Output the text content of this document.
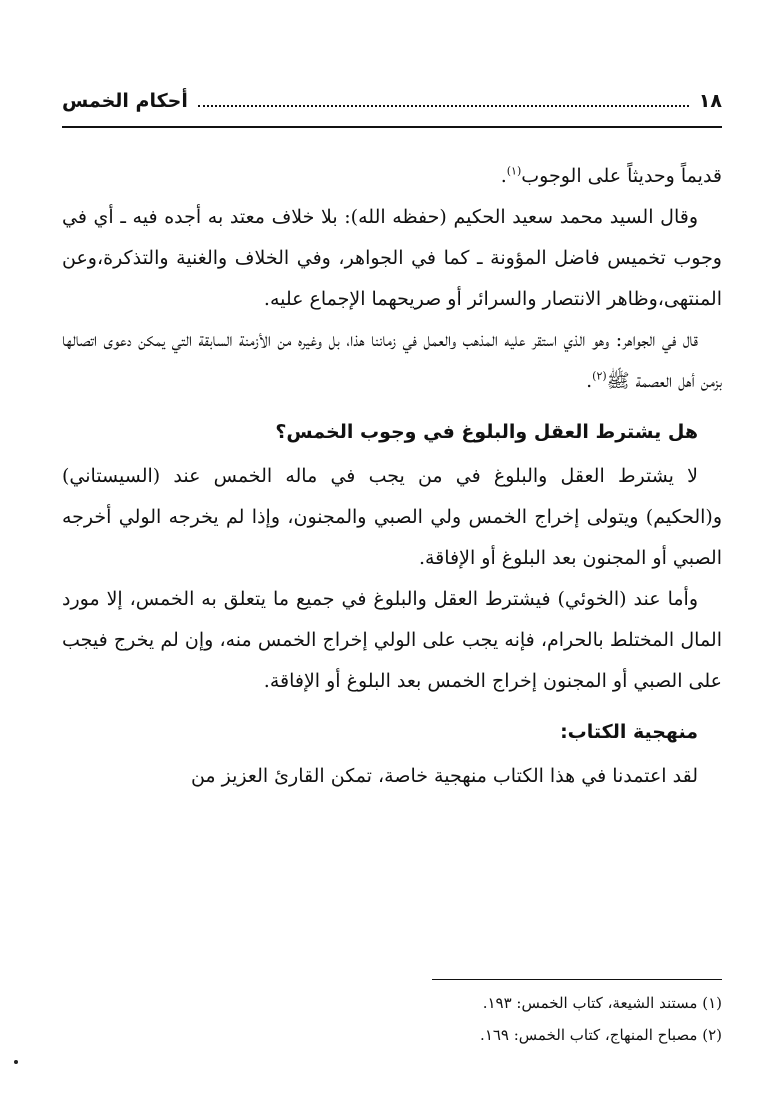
١٨
أحكام الخمس

قديماً وحديثاً على الوجوب$^{(١)}$.

وقال السيد محمد سعيد الحكيم (حفظه الله): بلا خلاف معتد به أجده فيه ـ أي في وجوب تخميس فاضل المؤونة ـ كما في الجواهر، وفي الخلاف والغنية والتذكرة،وعن المنتهى،وظاهر الانتصار والسرائر أو صريحهما الإجماع عليه.

قال في الجواهر: وهو الذي استقر عليه المذهب والعمل في زماننا هذا، بل وغيره من الأزمنة السابقة التي يمكن دعوى اتصالها بزمن أهل العصمة ﷺ$^{(٢)}$.

هل يشترط العقل والبلوغ في وجوب الخمس؟

لا يشترط العقل والبلوغ في من يجب في ماله الخمس عند (السيستاني) و(الحكيم) ويتولى إخراج الخمس ولي الصبي والمجنون، وإذا لم يخرجه الولي أخرجه الصبي أو المجنون بعد البلوغ أو الإفاقة.

وأما عند (الخوئي) فيشترط العقل والبلوغ في جميع ما يتعلق به الخمس، إلا مورد المال المختلط بالحرام، فإنه يجب على الولي إخراج الخمس منه، وإن لم يخرج فيجب على الصبي أو المجنون إخراج الخمس بعد البلوغ أو الإفاقة.

منهجية الكتاب:

لقد اعتمدنا في هذا الكتاب منهجية خاصة، تمكن القارئ العزيز من

(١) مستند الشيعة، كتاب الخمس: ١٩٣.
(٢) مصباح المنهاج، كتاب الخمس: ١٦٩.
